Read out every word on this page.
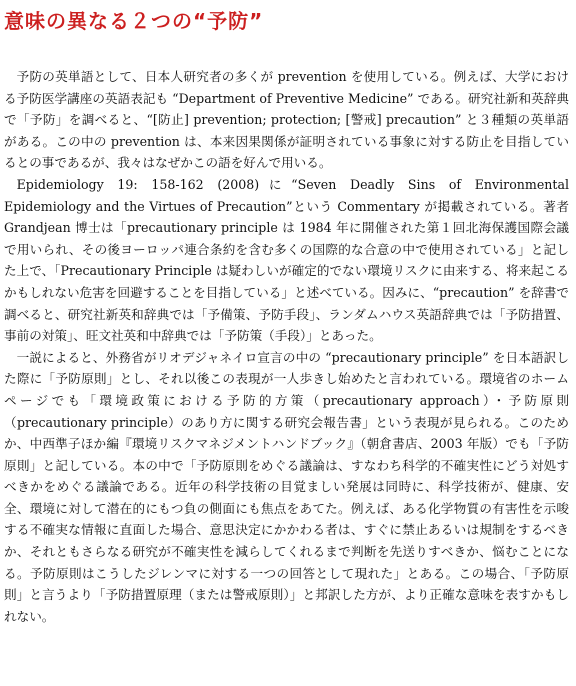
意味の異なる２つの“予防”

予防の英単語として、日本人研究者の多くが prevention を使用している。例えば、大学における予防医学講座の英語表記も “Department of Preventive Medicine” である。研究社新和英辞典で「予防」を調べると、“[防止] prevention; protection; [警戒] precaution” と３種類の英単語がある。この中の prevention は、本来因果関係が証明されている事象に対する防止を目指しているとの事であるが、我々はなぜかこの語を好んで用いる。

Epidemiology 19: 158-162 (2008)に“Seven Deadly Sins of Environmental Epidemiology and the Virtues of Precaution”という Commentary が掲載されている。著者 Grandjean 博士は「precautionary principle は 1984 年に開催された第１回北海保護国際会議で用いられ、その後ヨーロッパ連合条約を含む多くの国際的な合意の中で使用されている」と記した上で、「Precautionary Principle は疑わしいが確定的でない環境リスクに由来する、将来起こるかもしれない危害を回避することを目指している」と述べている。因みに、“precaution” を辞書で調べると、研究社新英和辞典では「予備策、予防手段」、ランダムハウス英語辞典では「予防措置、事前の対策」、旺文社英和中辞典では「予防策（手段）」とあった。

一説によると、外務省がリオデジャネイロ宣言の中の “precautionary principle” を日本語訳した際に「予防原則」とし、それ以後この表現が一人歩きし始めたと言われている。環境省のホームページでも「環境政策における予防的方策（precautionary approach）・予防原則（precautionary principle）のあり方に関する研究会報告書」という表現が見られる。このためか、中西準子ほか編『環境リスクマネジメントハンドブック』（朝倉書店、2003 年版）でも「予防原則」と記している。本の中で「予防原則をめぐる議論は、すなわち科学的不確実性にどう対処すべきかをめぐる議論である。近年の科学技術の目覚ましい発展は同時に、科学技術が、健康、安全、環境に対して潜在的にもつ負の側面にも焦点をあてた。例えば、ある化学物質の有害性を示唆する不確実な情報に直面した場合、意思決定にかかわる者は、すぐに禁止あるいは規制をするべきか、それともさらなる研究が不確実性を減らしてくれるまで判断を先送りすべきか、悩むことになる。予防原則はこうしたジレンマに対する一つの回答として現れた」とある。この場合、「予防原則」と言うより「予防措置原理（または警戒原則）」と邦訳した方が、より正確な意味を表すかもしれない。
